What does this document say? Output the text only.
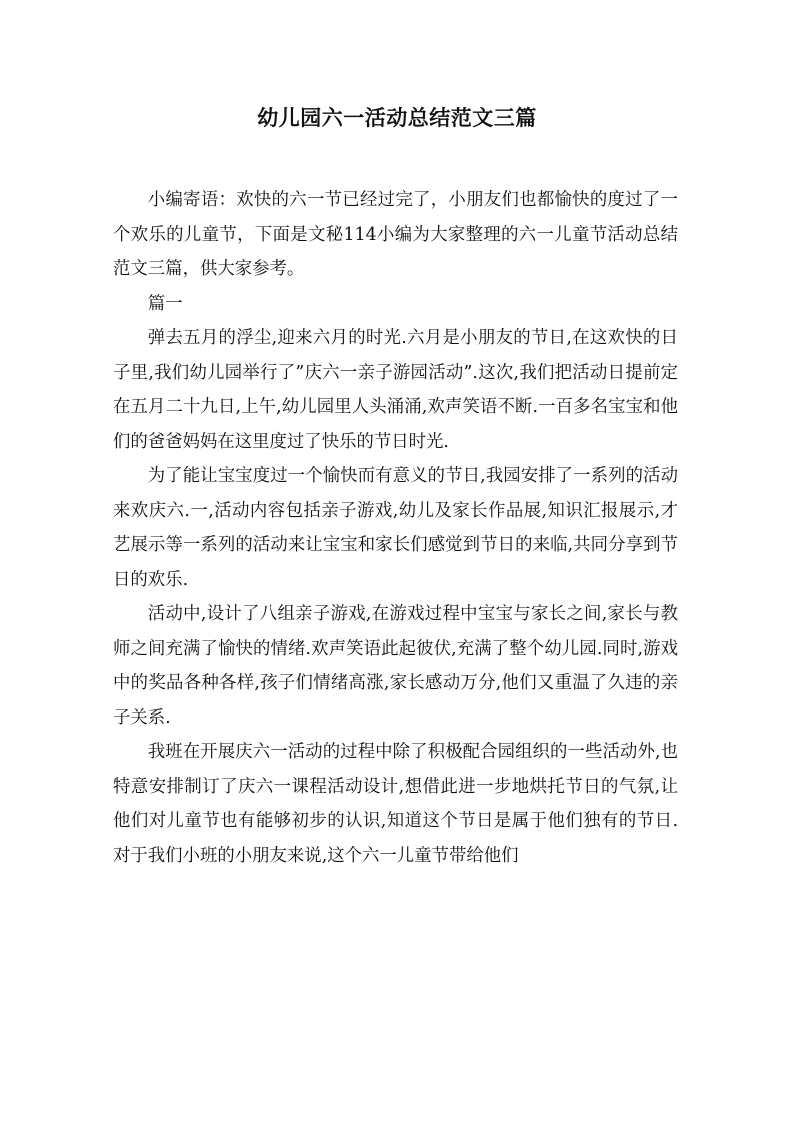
幼儿园六一活动总结范文三篇

小编寄语：欢快的六一节已经过完了，小朋友们也都愉快的度过了一个欢乐的儿童节，下面是文秘114小编为大家整理的六一儿童节活动总结范文三篇，供大家参考。

篇一

弹去五月的浮尘,迎来六月的时光.六月是小朋友的节日,在这欢快的日子里,我们幼儿园举行了”庆六一亲子游园活动”.这次,我们把活动日提前定在五月二十九日,上午,幼儿园里人头涌涌,欢声笑语不断.一百多名宝宝和他们的爸爸妈妈在这里度过了快乐的节日时光.

为了能让宝宝度过一个愉快而有意义的节日,我园安排了一系列的活动来欢庆六.一,活动内容包括亲子游戏,幼儿及家长作品展,知识汇报展示,才艺展示等一系列的活动来让宝宝和家长们感觉到节日的来临,共同分享到节日的欢乐.

活动中,设计了八组亲子游戏,在游戏过程中宝宝与家长之间,家长与教师之间充满了愉快的情绪.欢声笑语此起彼伏,充满了整个幼儿园.同时,游戏中的奖品各种各样,孩子们情绪高涨,家长感动万分,他们又重温了久违的亲子关系.

我班在开展庆六一活动的过程中除了积极配合园组织的一些活动外,也特意安排制订了庆六一课程活动设计,想借此进一步地烘托节日的气氛,让他们对儿童节也有能够初步的认识,知道这个节日是属于他们独有的节日.对于我们小班的小朋友来说,这个六一儿童节带给他们
